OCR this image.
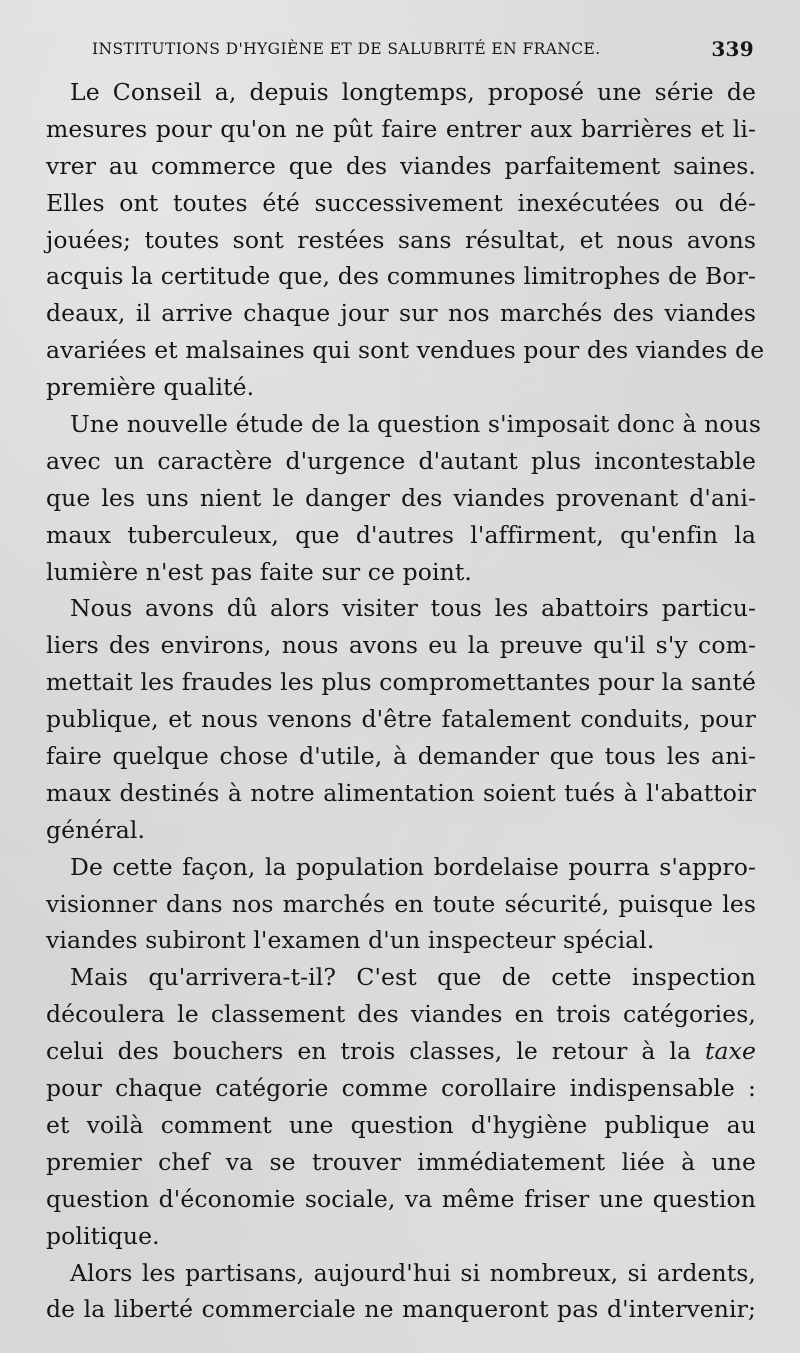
INSTITUTIONS D'HYGIÈNE ET DE SALUBRITÉ EN FRANCE.	339
Le Conseil a, depuis longtemps, proposé une série de
mesures pour qu'on ne pût faire entrer aux barrières et li-
vrer au commerce que des viandes parfaitement saines.
Elles ont toutes été successivement inexécutées ou dé-
jouées; toutes sont restées sans résultat, et nous avons
acquis la certitude que, des communes limitrophes de Bor-
deaux, il arrive chaque jour sur nos marchés des viandes
avariées et malsaines qui sont vendues pour des viandes de
première qualité.
Une nouvelle étude de la question s'imposait donc à nous
avec un caractère d'urgence d'autant plus incontestable
que les uns nient le danger des viandes provenant d'ani-
maux tuberculeux, que d'autres l'affirment, qu'enfin la
lumière n'est pas faite sur ce point.
Nous avons dû alors visiter tous les abattoirs particu-
liers des environs, nous avons eu la preuve qu'il s'y com-
mettait les fraudes les plus compromettantes pour la santé
publique, et nous venons d'être fatalement conduits, pour
faire quelque chose d'utile, à demander que tous les ani-
maux destinés à notre alimentation soient tués à l'abattoir
général.
De cette façon, la population bordelaise pourra s'appro-
visionner dans nos marchés en toute sécurité, puisque les
viandes subiront l'examen d'un inspecteur spécial.
Mais qu'arrivera-t-il? C'est que de cette inspection
découlera le classement des viandes en trois catégories,
celui des bouchers en trois classes, le retour à la taxe
pour chaque catégorie comme corollaire indispensable :
et voilà comment une question d'hygiène publique au
premier chef va se trouver immédiatement liée à une
question d'économie sociale, va même friser une question
politique.
Alors les partisans, aujourd'hui si nombreux, si ardents,
de la liberté commerciale ne manqueront pas d'intervenir;
